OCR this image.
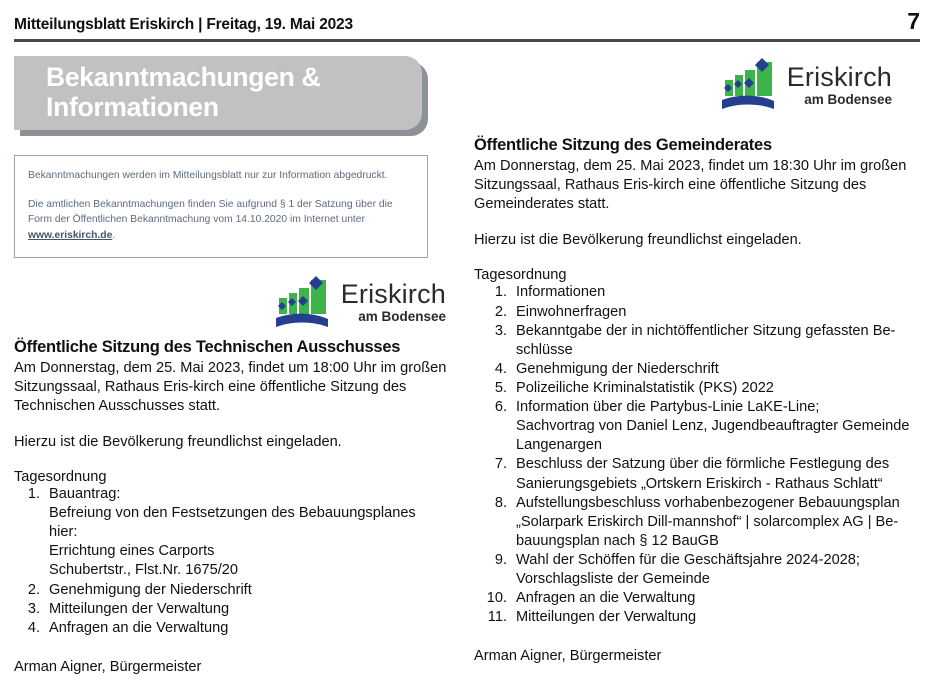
Mitteilungsblatt Eriskirch | Freitag, 19. Mai 2023	7
Bekanntmachungen &
Informationen

Bekanntmachungen werden im Mitteilungsblatt nur zur Information abgedruckt.

Die amtlichen Bekanntmachungen finden Sie aufgrund § 1 der Satzung über die Form der Öffentlichen Bekanntmachung vom 14.10.2020 im Internet unter www.eriskirch.de.

Eriskirch
am Bodensee
Öffentliche Sitzung des Technischen Ausschusses

Am Donnerstag, dem 25. Mai 2023, findet um 18:00 Uhr im großen Sitzungssaal, Rathaus Eris-kirch eine öffentliche Sitzung des Technischen Ausschusses statt.

Hierzu ist die Bevölkerung freundlichst eingeladen.

Tagesordnung

1. Bauantrag:
Befreiung von den Festsetzungen des Bebauungsplanes
hier:
Errichtung eines Carports
Schubertstr., Flst.Nr. 1675/20
2. Genehmigung der Niederschrift
3. Mitteilungen der Verwaltung
4. Anfragen an die Verwaltung

Arman Aigner, Bürgermeister

Eriskirch
am Bodensee
Öffentliche Sitzung des Gemeinderates

Am Donnerstag, dem 25. Mai 2023, findet um 18:30 Uhr im großen Sitzungssaal, Rathaus Eris-kirch eine öffentliche Sitzung des Gemeinderates statt.

Hierzu ist die Bevölkerung freundlichst eingeladen.

Tagesordnung

1. Informationen
2. Einwohnerfragen
3. Bekanntgabe der in nichtöffentlicher Sitzung gefassten Be-
schlüsse
4. Genehmigung der Niederschrift
5. Polizeiliche Kriminalstatistik (PKS) 2022
6. Information über die Partybus-Linie LaKE-Line;
Sachvortrag von Daniel Lenz, Jugendbeauftragter Gemeinde
Langenargen
7. Beschluss der Satzung über die förmliche Festlegung des
Sanierungsgebiets „Ortskern Eriskirch - Rathaus Schlatt“
8. Aufstellungsbeschluss vorhabenbezogener Bebauungsplan
„Solarpark Eriskirch Dill-mannshof“ | solarcomplex AG | Be-
bauungsplan nach § 12 BauGB
9. Wahl der Schöffen für die Geschäftsjahre 2024-2028;
Vorschlagsliste der Gemeinde
10. Anfragen an die Verwaltung
11. Mitteilungen der Verwaltung

Arman Aigner, Bürgermeister
